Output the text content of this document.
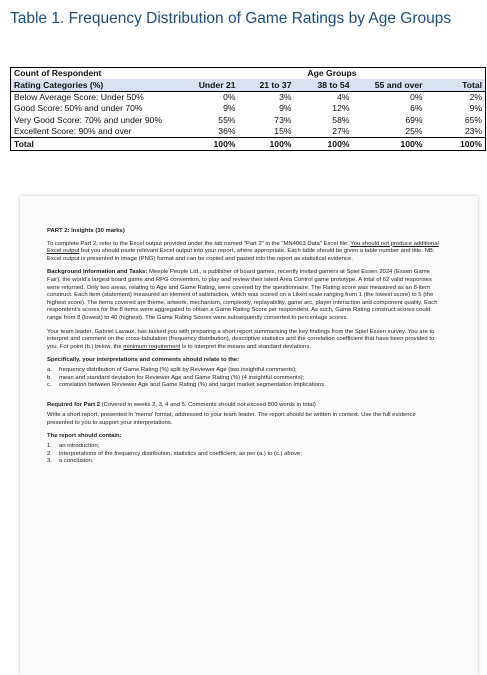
Table 1. Frequency Distribution of Game Ratings by Age Groups
Count of Respondent		Age Groups			
Rating Categories (%)	Under 21	21 to 37	38 to 54	55 and over	Total
Below Average Score: Under 50%	0%	3%	4%	0%	2%
Good Score: 50% and under 70%	9%	9%	12%	6%	9%
Very Good Score: 70% and under 90%	55%	73%	58%	69%	65%
Excellent Score: 90% and over	36%	15%	27%	25%	23%
Total	100%	100%	100%	100%	100%

PART 2: Insights (30 marks)

To complete Part 2, refer to the Excel output provided under the tab named "Part 2" in the "MN4063 Data" Excel file. You should not produce additional Excel output but you should paste relevant Excel output into your report, where appropriate. Each table should be given a table number and title. NB: Excel output is presented in image (PNG) format and can be copied and pasted into the report as statistical evidence.

Background Information and Tasks: Meeple People Ltd., a publisher of board games, recently invited gamers at Spiel Essen 2024 (Essen Game Fair), the world's largest board game and RPG convention, to play and review their latest Area Control game prototype. A total of 62 valid responses were returned. Only two areas, relating to Age and Game Rating, were covered by the questionnaire. The Rating score was measured as an 8-item construct. Each item (statement) measured an element of satisfaction, which was scored on a Likert scale ranging from 1 (the lowest score) to 5 (the highest score). The items covered are theme, artwork, mechanism, complexity, replayability, game arc, player interaction and component quality. Each respondent's scores for the 8 items were aggregated to obtain a Game Rating Score per respondent. As such, Game Rating construct scores could range from 8 (lowest) to 40 (highest). The Game Rating Scores were subsequently converted to percentage scores.

Your team leader, Gabriel Lavaux, has tasked you with preparing a short report summarising the key findings from the Spiel Essen survey. You are to interpret and comment on the cross-tabulation (frequency distribution), descriptive statistics and the correlation coefficient that have been provided to you. For point (b.) below, the minimum requirement is to interpret the means and standard deviations.

Specifically, your interpretations and comments should relate to the:

a.	frequency distribution of Game Rating (%) split by Reviewer Age (two insightful comments);
b.	mean and standard deviation for Reviewer Age and Game Rating (%) (4 insightful comments);
c.	correlation between Reviewer Age and Game Rating (%) and target market segmentation implications.

Required for Part 2 (Covered in weeks 2, 3, 4 and 5. Comments should not exceed 800 words in total)

Write a short report, presented in 'memo' format, addressed to your team leader. The report should be written in context. Use the full evidence presented to you to support your interpretations.

The report should contain:

1.	an introduction;
2.	interpretations of the frequency distribution, statistics and coefficient, as per (a.) to (c.) above;
3.	a conclusion.
